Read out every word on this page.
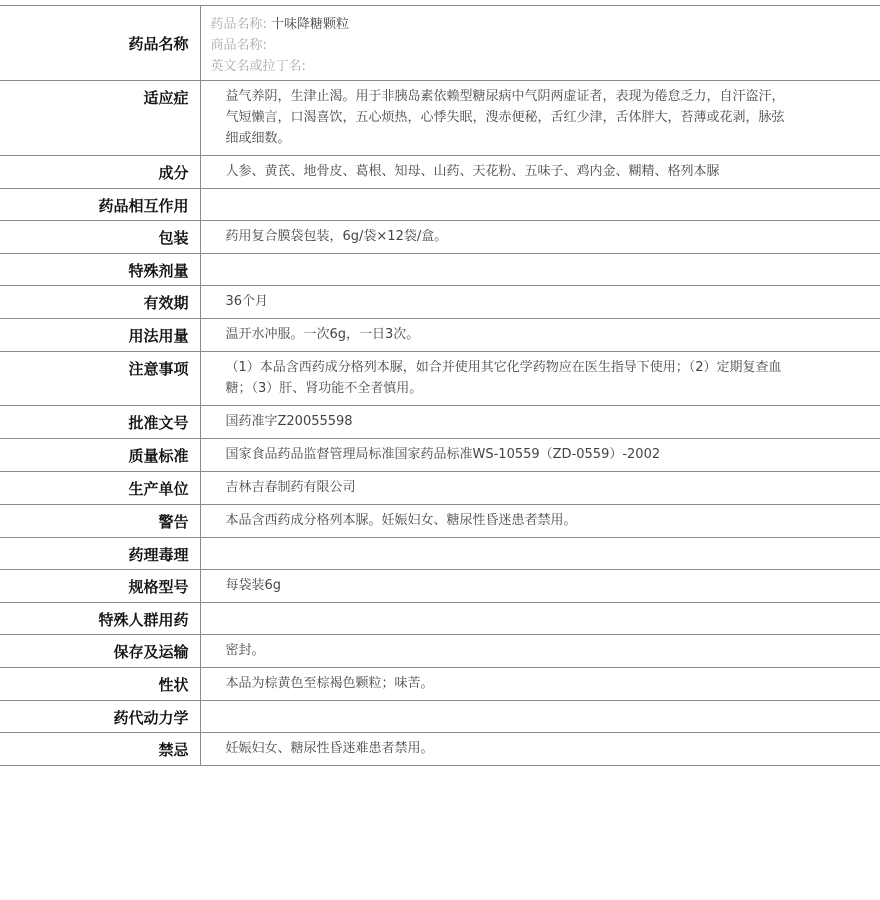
药品名称	药品名称: 十味降糖颗粒
商品名称:
英文名或拉丁名:

适应症	益气养阴，生津止渴。用于非胰岛素依赖型糖尿病中气阴两虚证者，表现为倦怠乏力，自汗盗汗，气短懒言，口渴喜饮，五心烦热，心悸失眠，溲赤便秘，舌红少津，舌体胖大，苔薄或花剥，脉弦细或细数。
成分	人参、黄芪、地骨皮、葛根、知母、山药、天花粉、五味子、鸡内金、糊精、格列本脲
药品相互作用	
包装	药用复合膜袋包装，6g/袋×12袋/盒。
特殊剂量	
有效期	36个月
用法用量	温开水冲服。一次6g，一日3次。
注意事项	（1）本品含西药成分格列本脲，如合并使用其它化学药物应在医生指导下使用；（2）定期复查血糖；（3）肝、肾功能不全者慎用。
批准文号	国药准字Z20055598
质量标准	国家食品药品监督管理局标准国家药品标准WS-10559（ZD-0559）-2002
生产单位	吉林吉春制药有限公司
警告	本品含西药成分格列本脲。妊娠妇女、糖尿性昏迷患者禁用。
药理毒理	
规格型号	每袋装6g
特殊人群用药	
保存及运输	密封。
性状	本品为棕黄色至棕褐色颗粒；味苦。
药代动力学	
禁忌	妊娠妇女、糖尿性昏迷难患者禁用。
